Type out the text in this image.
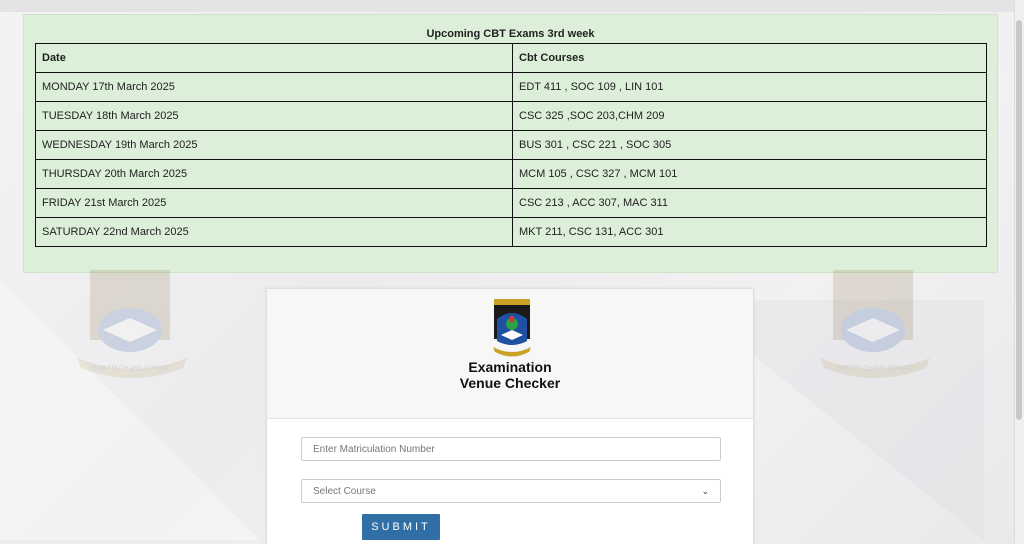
Upcoming CBT Exams 3rd week
Date	Cbt Courses
MONDAY 17th March 2025	EDT 411 , SOC 109 , LIN 101
TUESDAY 18th March 2025	CSC 325 ,SOC 203,CHM 209
WEDNESDAY 19th March 2025	BUS 301 , CSC 221 , SOC 305
THURSDAY 20th March 2025	MCM 105 , CSC 327 , MCM 101
FRIDAY 21st March 2025	CSC 213 , ACC 307, MAC 311
SATURDAY 22nd March 2025	MKT 211, CSC 131, ACC 301
FOR TRUTH AND SERVICE	FOR TRUTH AND SERVICE
Examination
Venue Checker
Enter Matriculation Number
Select Course	⌄
SUBMIT
